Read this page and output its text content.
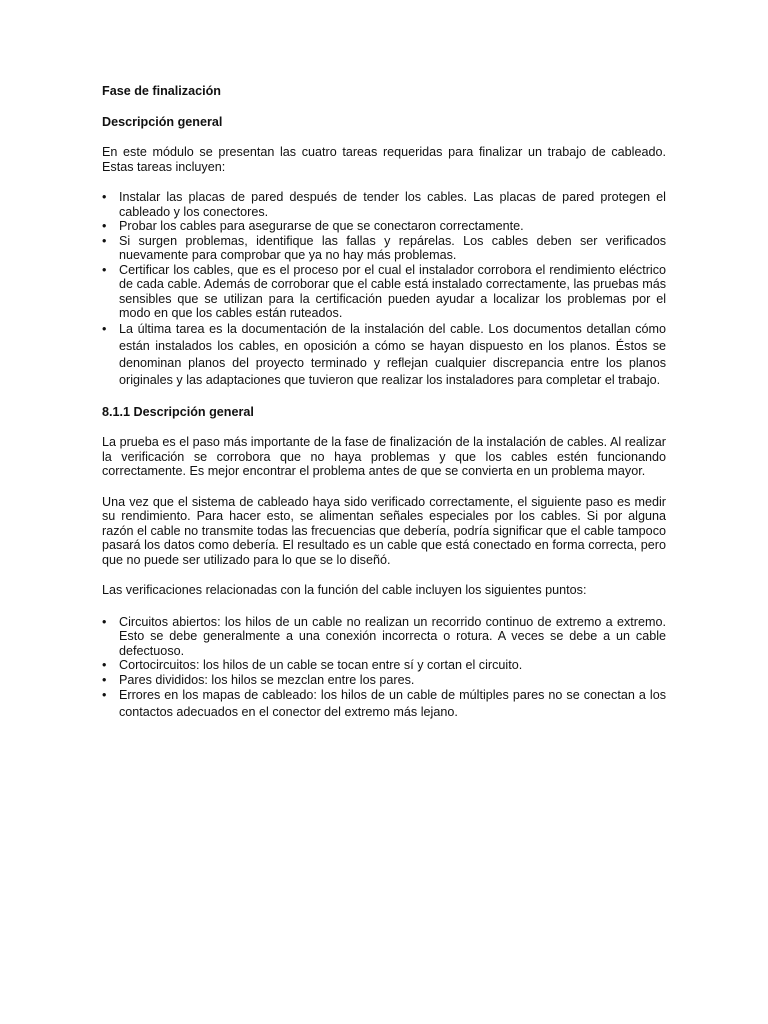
Fase de finalización

Descripción general

En este módulo se presentan las cuatro tareas requeridas para finalizar un trabajo de cableado. Estas tareas incluyen:

• Instalar las placas de pared después de tender los cables. Las placas de pared protegen el cableado y los conectores.
• Probar los cables para asegurarse de que se conectaron correctamente.
• Si surgen problemas, identifique las fallas y repárelas. Los cables deben ser verificados nuevamente para comprobar que ya no hay más problemas.
• Certificar los cables, que es el proceso por el cual el instalador corrobora el rendimiento eléctrico de cada cable. Además de corroborar que el cable está instalado correctamente, las pruebas más sensibles que se utilizan para la certificación pueden ayudar a localizar los problemas por el modo en que los cables están ruteados.
• La última tarea es la documentación de la instalación del cable. Los documentos detallan cómo están instalados los cables, en oposición a cómo se hayan dispuesto en los planos. Éstos se denominan planos del proyecto terminado y reflejan cualquier discrepancia entre los planos originales y las adaptaciones que tuvieron que realizar los instaladores para completar el trabajo.

8.1.1 Descripción general

La prueba es el paso más importante de la fase de finalización de la instalación de cables. Al realizar la verificación se corrobora que no haya problemas y que los cables estén funcionando correctamente. Es mejor encontrar el problema antes de que se convierta en un problema mayor.

Una vez que el sistema de cableado haya sido verificado correctamente, el siguiente paso es medir su rendimiento. Para hacer esto, se alimentan señales especiales por los cables. Si por alguna razón el cable no transmite todas las frecuencias que debería, podría significar que el cable tampoco pasará los datos como debería. El resultado es un cable que está conectado en forma correcta, pero que no puede ser utilizado para lo que se lo diseñó.

Las verificaciones relacionadas con la función del cable incluyen los siguientes puntos:

• Circuitos abiertos: los hilos de un cable no realizan un recorrido continuo de extremo a extremo. Esto se debe generalmente a una conexión incorrecta o rotura. A veces se debe a un cable defectuoso.
• Cortocircuitos: los hilos de un cable se tocan entre sí y cortan el circuito.
• Pares divididos: los hilos se mezclan entre los pares.
• Errores en los mapas de cableado: los hilos de un cable de múltiples pares no se conectan a los contactos adecuados en el conector del extremo más lejano.
